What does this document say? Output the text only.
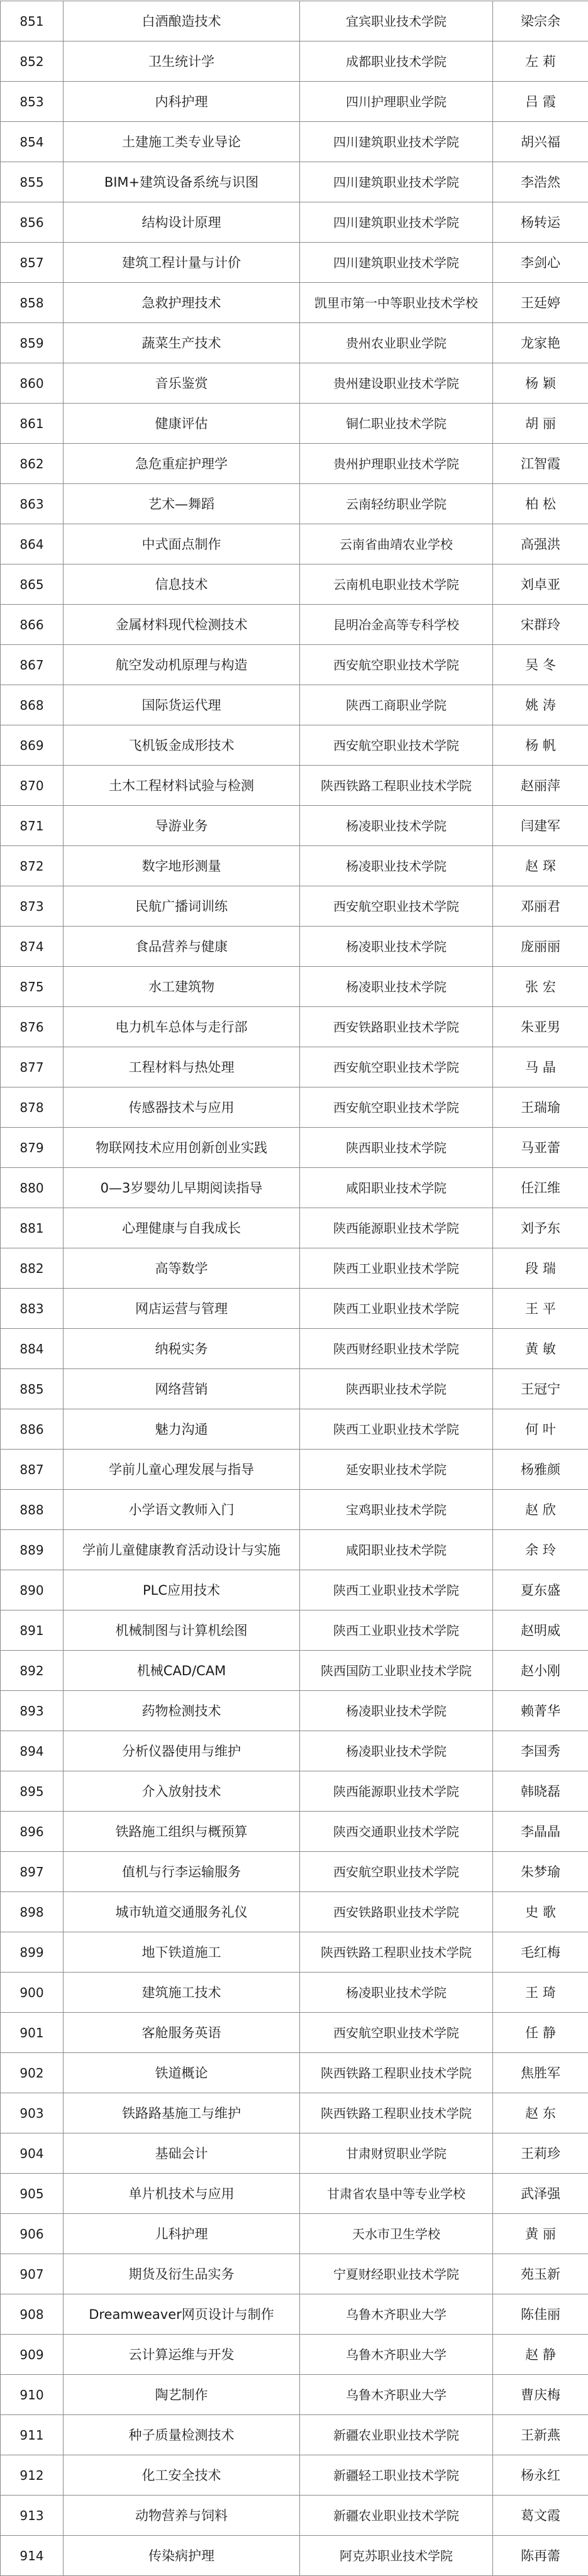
851	白酒酿造技术	宜宾职业技术学院	梁宗余
852	卫生统计学	成都职业技术学院	左 莉
853	内科护理	四川护理职业学院	吕 霞
854	土建施工类专业导论	四川建筑职业技术学院	胡兴福
855	BIM+建筑设备系统与识图	四川建筑职业技术学院	李浩然
856	结构设计原理	四川建筑职业技术学院	杨转运
857	建筑工程计量与计价	四川建筑职业技术学院	李剑心
858	急救护理技术	凯里市第一中等职业技术学校	王廷婷
859	蔬菜生产技术	贵州农业职业学院	龙家艳
860	音乐鉴赏	贵州建设职业技术学院	杨 颖
861	健康评估	铜仁职业技术学院	胡 丽
862	急危重症护理学	贵州护理职业技术学院	江智霞
863	艺术—舞蹈	云南轻纺职业学院	柏 松
864	中式面点制作	云南省曲靖农业学校	高强洪
865	信息技术	云南机电职业技术学院	刘卓亚
866	金属材料现代检测技术	昆明冶金高等专科学校	宋群玲
867	航空发动机原理与构造	西安航空职业技术学院	吴 冬
868	国际货运代理	陕西工商职业学院	姚 涛
869	飞机钣金成形技术	西安航空职业技术学院	杨 帆
870	土木工程材料试验与检测	陕西铁路工程职业技术学院	赵丽萍
871	导游业务	杨凌职业技术学院	闫建军
872	数字地形测量	杨凌职业技术学院	赵 琛
873	民航广播词训练	西安航空职业技术学院	邓丽君
874	食品营养与健康	杨凌职业技术学院	庞丽丽
875	水工建筑物	杨凌职业技术学院	张 宏
876	电力机车总体与走行部	西安铁路职业技术学院	朱亚男
877	工程材料与热处理	西安航空职业技术学院	马 晶
878	传感器技术与应用	西安航空职业技术学院	王瑞瑜
879	物联网技术应用创新创业实践	陕西职业技术学院	马亚蕾
880	0—3岁婴幼儿早期阅读指导	咸阳职业技术学院	任江维
881	心理健康与自我成长	陕西能源职业技术学院	刘予东
882	高等数学	陕西工业职业技术学院	段 瑞
883	网店运营与管理	陕西工业职业技术学院	王 平
884	纳税实务	陕西财经职业技术学院	黄 敏
885	网络营销	陕西职业技术学院	王冠宁
886	魅力沟通	陕西工业职业技术学院	何 叶
887	学前儿童心理发展与指导	延安职业技术学院	杨雅颜
888	小学语文教师入门	宝鸡职业技术学院	赵 欣
889	学前儿童健康教育活动设计与实施	咸阳职业技术学院	余 玲
890	PLC应用技术	陕西工业职业技术学院	夏东盛
891	机械制图与计算机绘图	陕西工业职业技术学院	赵明威
892	机械CAD/CAM	陕西国防工业职业技术学院	赵小刚
893	药物检测技术	杨凌职业技术学院	赖菁华
894	分析仪器使用与维护	杨凌职业技术学院	李国秀
895	介入放射技术	陕西能源职业技术学院	韩晓磊
896	铁路施工组织与概预算	陕西交通职业技术学院	李晶晶
897	值机与行李运输服务	西安航空职业技术学院	朱梦瑜
898	城市轨道交通服务礼仪	西安铁路职业技术学院	史 歌
899	地下铁道施工	陕西铁路工程职业技术学院	毛红梅
900	建筑施工技术	杨凌职业技术学院	王 琦
901	客舱服务英语	西安航空职业技术学院	任 静
902	铁道概论	陕西铁路工程职业技术学院	焦胜军
903	铁路路基施工与维护	陕西铁路工程职业技术学院	赵 东
904	基础会计	甘肃财贸职业学院	王莉珍
905	单片机技术与应用	甘肃省农垦中等专业学校	武泽强
906	儿科护理	天水市卫生学校	黄 丽
907	期货及衍生品实务	宁夏财经职业技术学院	苑玉新
908	Dreamweaver网页设计与制作	乌鲁木齐职业大学	陈佳丽
909	云计算运维与开发	乌鲁木齐职业大学	赵 静
910	陶艺制作	乌鲁木齐职业大学	曹庆梅
911	种子质量检测技术	新疆农业职业技术学院	王新燕
912	化工安全技术	新疆轻工职业技术学院	杨永红
913	动物营养与饲料	新疆农业职业技术学院	葛文霞
914	传染病护理	阿克苏职业技术学院	陈再薷
